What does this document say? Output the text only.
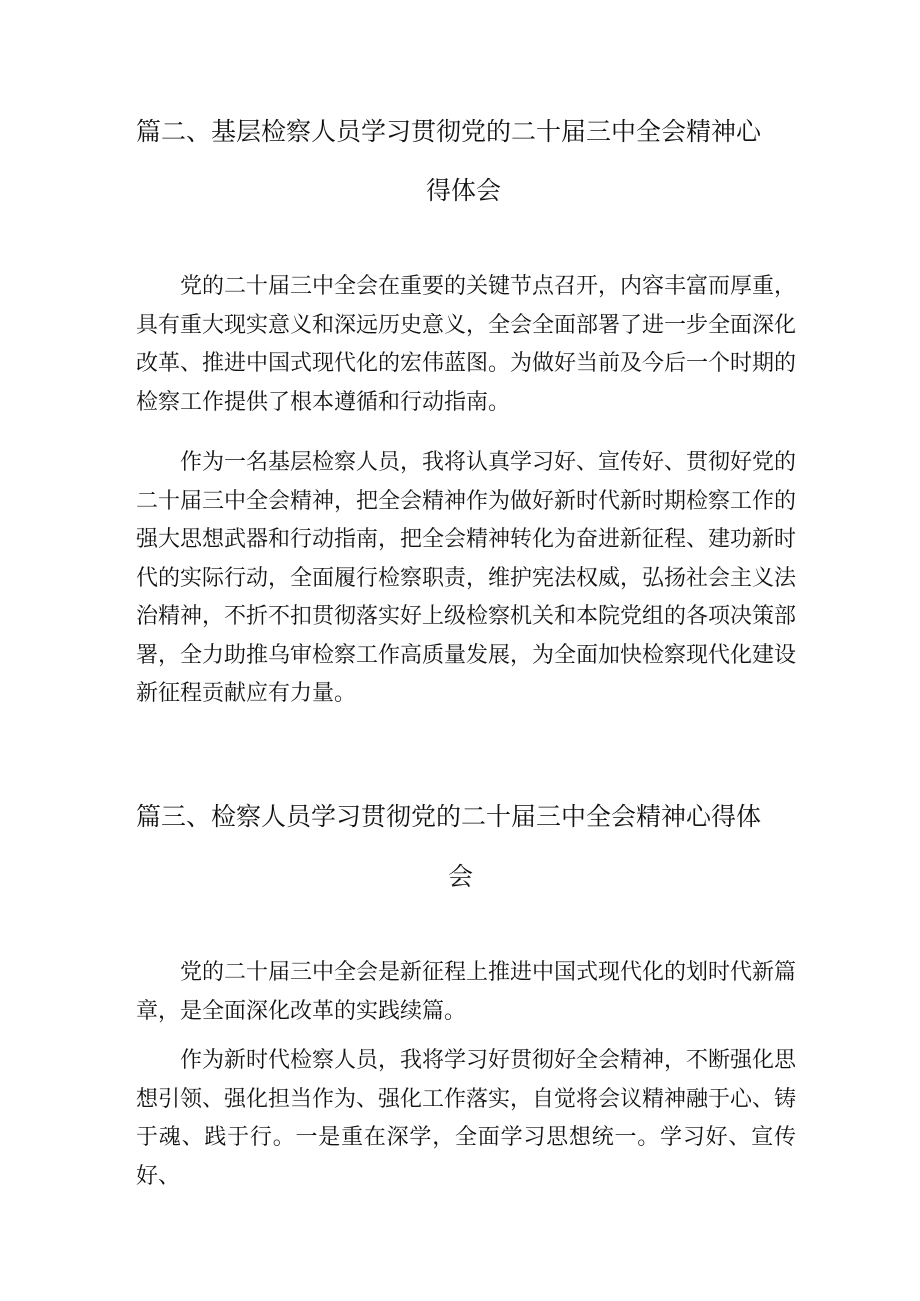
篇二、基层检察人员学习贯彻党的二十届三中全会精神心
得体会

党的二十届三中全会在重要的关键节点召开，内容丰富而厚重，具有重大现实意义和深远历史意义，全会全面部署了进一步全面深化改革、推进中国式现代化的宏伟蓝图。为做好当前及今后一个时期的检察工作提供了根本遵循和行动指南。

作为一名基层检察人员，我将认真学习好、宣传好、贯彻好党的二十届三中全会精神，把全会精神作为做好新时代新时期检察工作的强大思想武器和行动指南，把全会精神转化为奋进新征程、建功新时代的实际行动，全面履行检察职责，维护宪法权威，弘扬社会主义法治精神，不折不扣贯彻落实好上级检察机关和本院党组的各项决策部署，全力助推乌审检察工作高质量发展，为全面加快检察现代化建设新征程贡献应有力量。

篇三、检察人员学习贯彻党的二十届三中全会精神心得体
会

党的二十届三中全会是新征程上推进中国式现代化的划时代新篇章，是全面深化改革的实践续篇。

作为新时代检察人员，我将学习好贯彻好全会精神，不断强化思想引领、强化担当作为、强化工作落实，自觉将会议精神融于心、铸于魂、践于行。一是重在深学，全面学习思想统一。学习好、宣传好、
